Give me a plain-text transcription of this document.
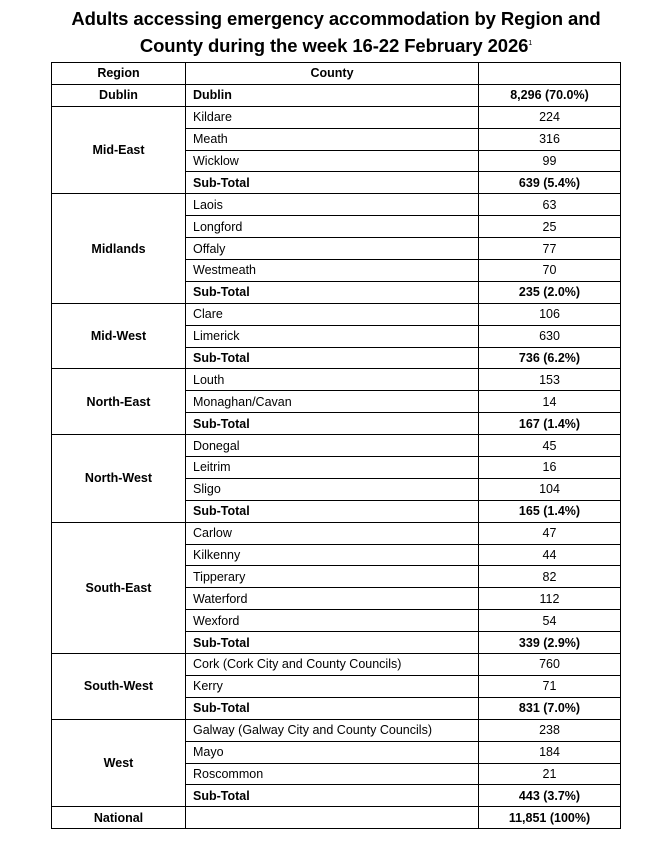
Adults accessing emergency accommodation by Region and
County during the week 16-22 February 2026$^1$
Region	County	
Dublin	Dublin	8,296 (70.0%)
Mid-East	Kildare	224
	Meath	316
	Wicklow	99
	Sub-Total	639 (5.4%)
Midlands	Laois	63
	Longford	25
	Offaly	77
	Westmeath	70
	Sub-Total	235 (2.0%)
Mid-West	Clare	106
	Limerick	630
	Sub-Total	736 (6.2%)
North-East	Louth	153
	Monaghan/Cavan	14
	Sub-Total	167 (1.4%)
North-West	Donegal	45
	Leitrim	16
	Sligo	104
	Sub-Total	165 (1.4%)
South-East	Carlow	47
	Kilkenny	44
	Tipperary	82
	Waterford	112
	Wexford	54
	Sub-Total	339 (2.9%)
South-West	Cork (Cork City and County Councils)	760
	Kerry	71
	Sub-Total	831 (7.0%)
West	Galway (Galway City and County Councils)	238
	Mayo	184
	Roscommon	21
	Sub-Total	443 (3.7%)
National		11,851 (100%)
